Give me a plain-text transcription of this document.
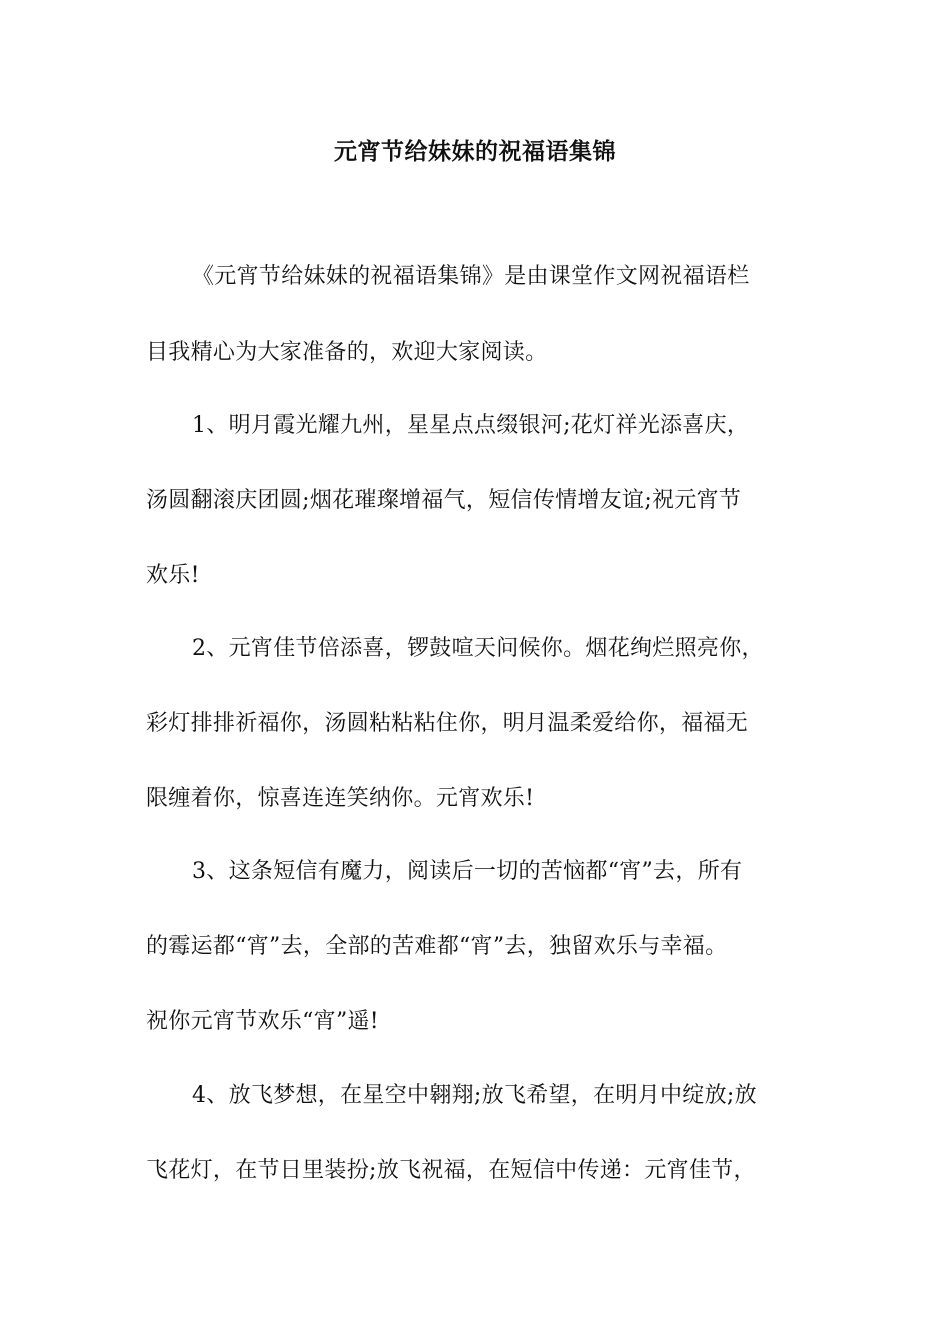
元宵节给妹妹的祝福语集锦
《元宵节给妹妹的祝福语集锦》是由课堂作文网祝福语栏
目我精心为大家准备的，欢迎大家阅读。
1、明月霞光耀九州，星星点点缀银河;花灯祥光添喜庆，
汤圆翻滚庆团圆;烟花璀璨增福气，短信传情增友谊;祝元宵节
欢乐!
2、元宵佳节倍添喜，锣鼓喧天问候你。烟花绚烂照亮你，
彩灯排排祈福你，汤圆粘粘粘住你，明月温柔爱给你，福福无
限缠着你，惊喜连连笑纳你。元宵欢乐!
3、这条短信有魔力，阅读后一切的苦恼都“宵”去，所有
的霉运都“宵”去，全部的苦难都“宵”去，独留欢乐与幸福。
祝你元宵节欢乐“宵”遥!
4、放飞梦想，在星空中翱翔;放飞希望，在明月中绽放;放
飞花灯，在节日里装扮;放飞祝福，在短信中传递：元宵佳节，
